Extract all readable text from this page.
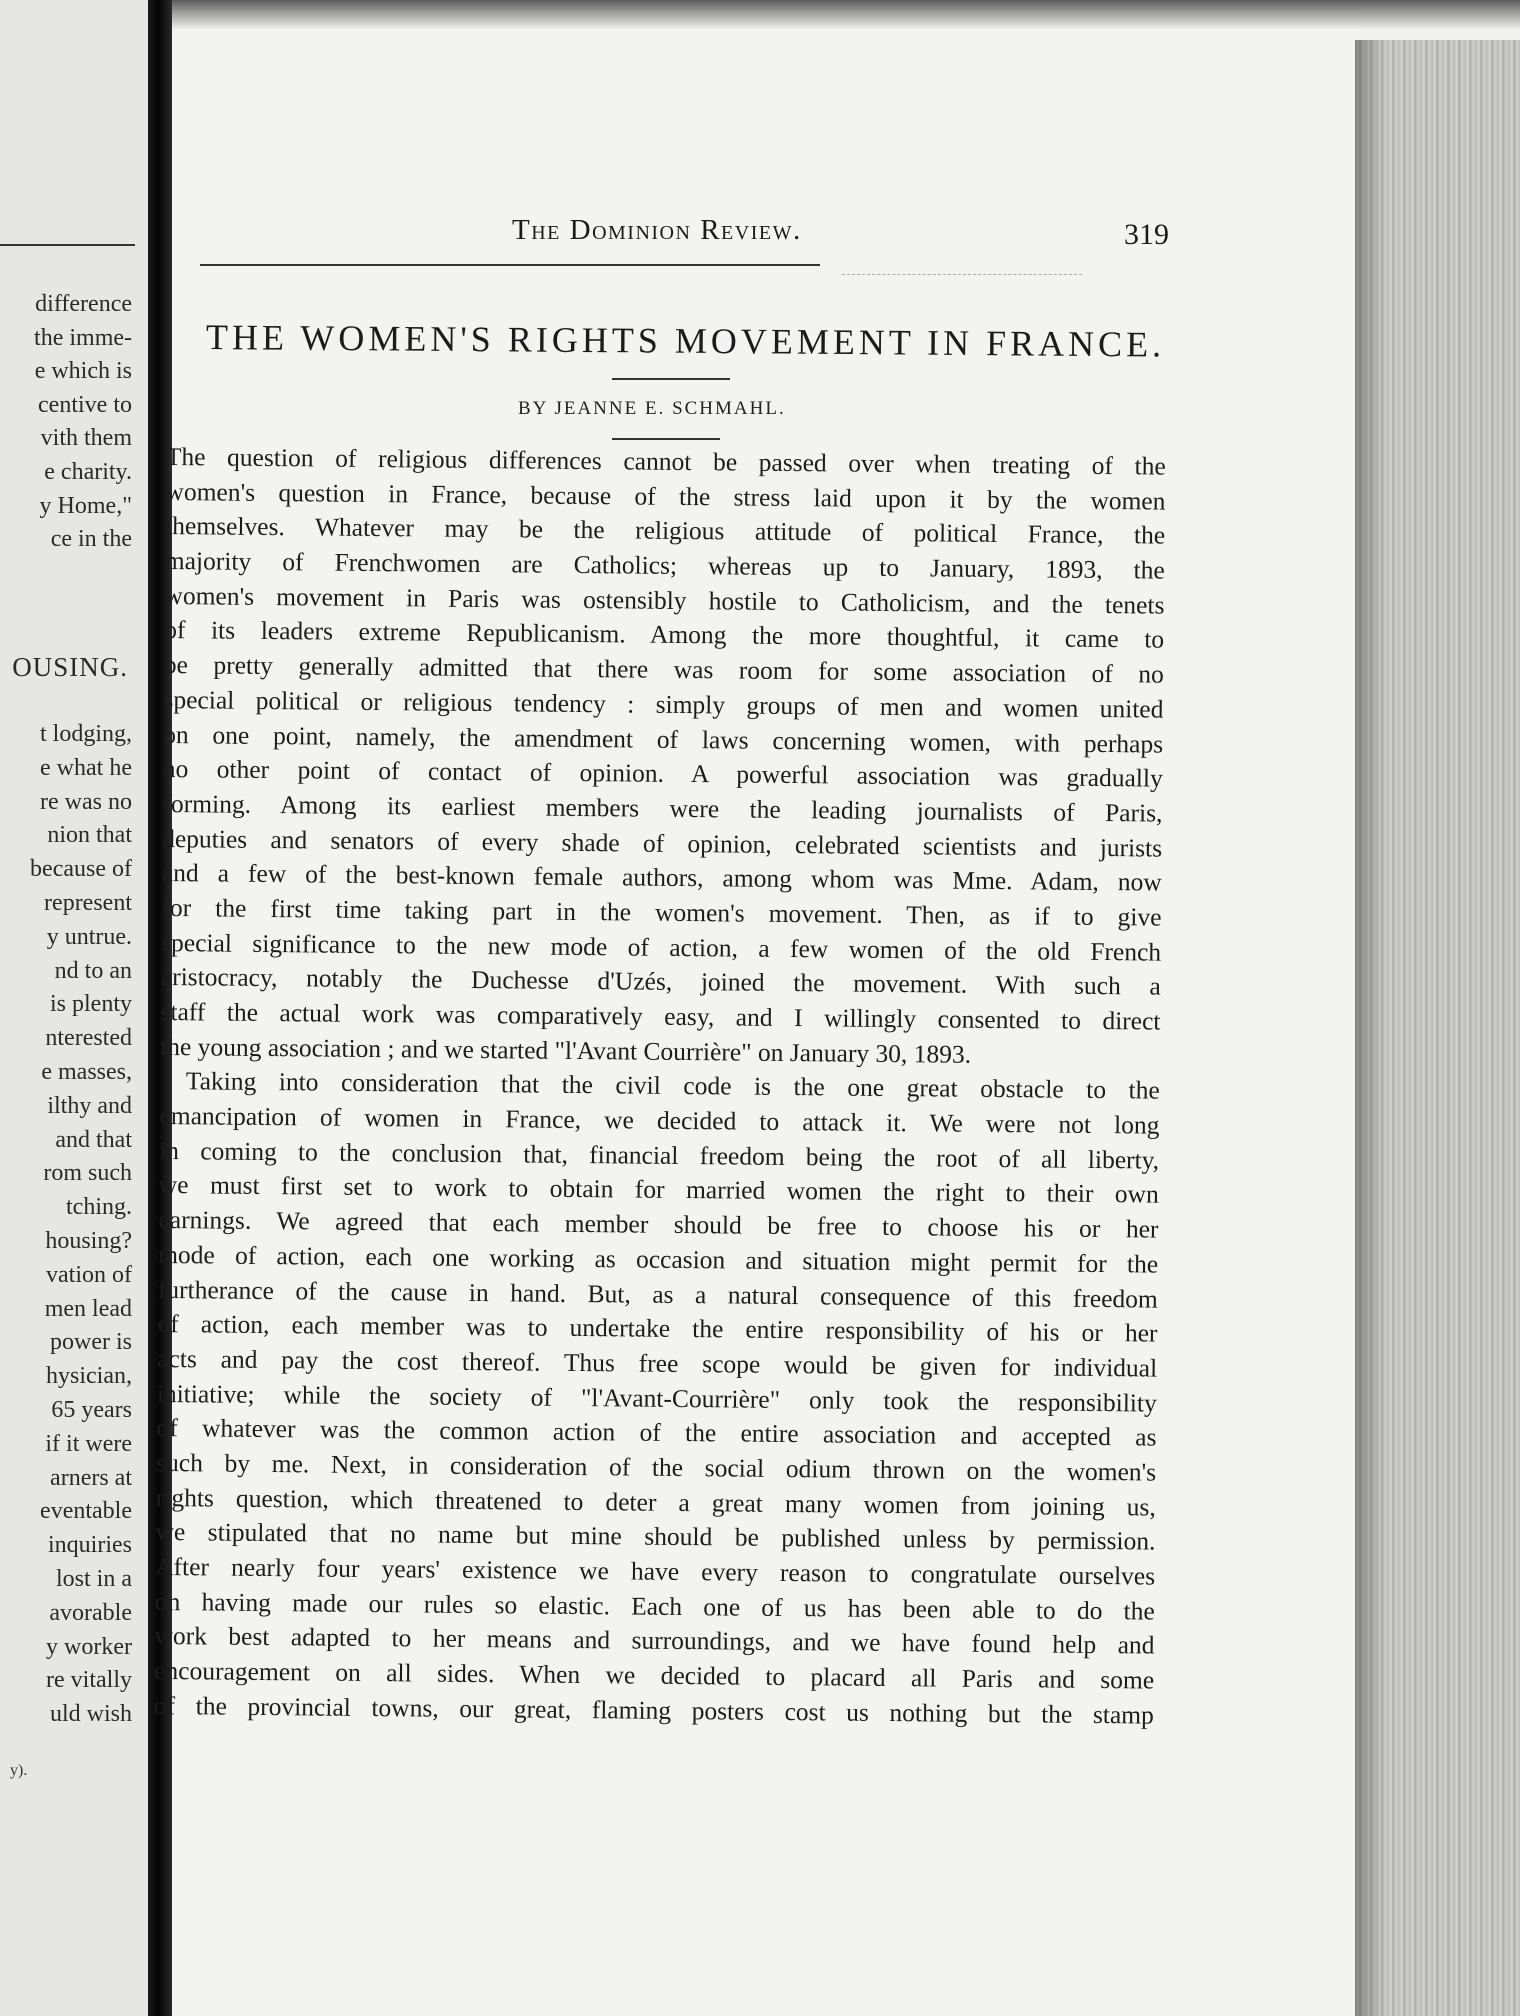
difference
the imme-
e which is
centive to
vith them
e charity.
y Home,"
ce in the
OUSING.
t lodging,
e what he
re was no
nion that
because of
represent
y untrue.
nd to an
is plenty
nterested
e masses,
ilthy and
and that
rom such
tching.
housing?
vation of
men lead
power is
hysician,
65 years
if it were
arners at
eventable
inquiries
lost in a
avorable
y worker
re vitally
uld wish
y).
The Dominion Review.	319
THE WOMEN'S RIGHTS MOVEMENT IN FRANCE.
BY JEANNE E. SCHMAHL.
The question of religious differences cannot be passed over when treating of the
women's question in France, because of the stress laid upon it by the women
themselves. Whatever may be the religious attitude of political France, the
majority of Frenchwomen are Catholics; whereas up to January, 1893, the
women's movement in Paris was ostensibly hostile to Catholicism, and the tenets
of its leaders extreme Republicanism. Among the more thoughtful, it came to
be pretty generally admitted that there was room for some association of no
special political or religious tendency : simply groups of men and women united
on one point, namely, the amendment of laws concerning women, with perhaps
no other point of contact of opinion. A powerful association was gradually
forming. Among its earliest members were the leading journalists of Paris,
deputies and senators of every shade of opinion, celebrated scientists and jurists
and a few of the best-known female authors, among whom was Mme. Adam, now
for the first time taking part in the women's movement. Then, as if to give
special significance to the new mode of action, a few women of the old French
aristocracy, notably the Duchesse d'Uzés, joined the movement. With such a
staff the actual work was comparatively easy, and I willingly consented to direct
the young association ; and we started "l'Avant Courrière" on January 30, 1893.
Taking into consideration that the civil code is the one great obstacle to the
emancipation of women in France, we decided to attack it. We were not long
in coming to the conclusion that, financial freedom being the root of all liberty,
we must first set to work to obtain for married women the right to their own
earnings. We agreed that each member should be free to choose his or her
mode of action, each one working as occasion and situation might permit for the
furtherance of the cause in hand. But, as a natural consequence of this freedom
of action, each member was to undertake the entire responsibility of his or her
acts and pay the cost thereof. Thus free scope would be given for individual
initiative; while the society of "l'Avant-Courrière" only took the responsibility
of whatever was the common action of the entire association and accepted as
such by me. Next, in consideration of the social odium thrown on the women's
rights question, which threatened to deter a great many women from joining us,
we stipulated that no name but mine should be published unless by permission.
After nearly four years' existence we have every reason to congratulate ourselves
on having made our rules so elastic. Each one of us has been able to do the
work best adapted to her means and surroundings, and we have found help and
encouragement on all sides. When we decided to placard all Paris and some
of the provincial towns, our great, flaming posters cost us nothing but the stamp
